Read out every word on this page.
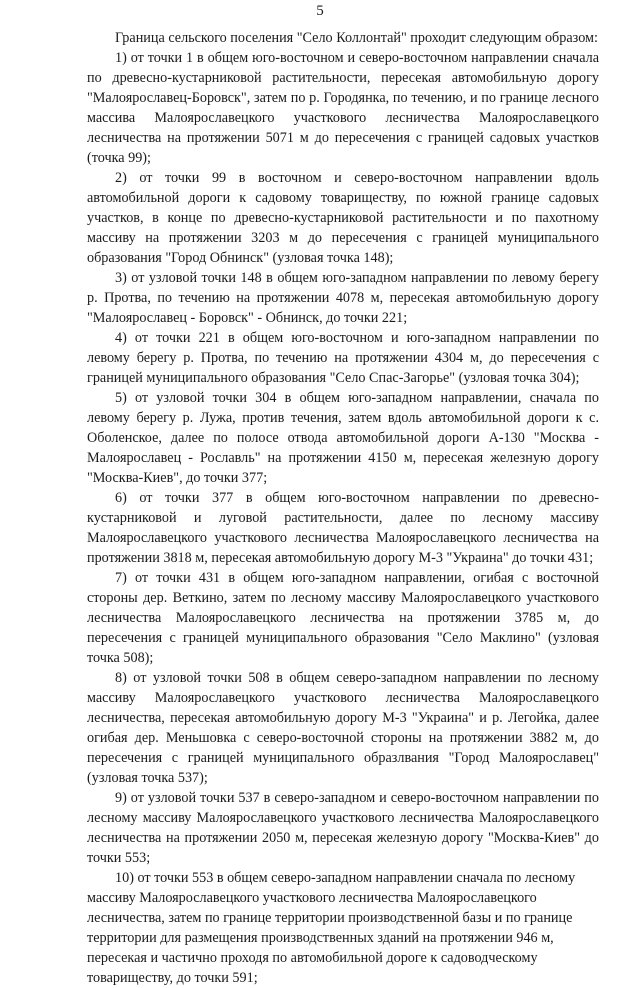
5

Граница сельского поселения "Село Коллонтай" проходит следующим образом:

1) от точки 1 в общем юго-восточном и северо-восточном направлении сначала по древесно-кустарниковой растительности, пересекая автомобильную дорогу "Малоярославец-Боровск", затем по р. Городянка, по течению, и по границе лесного массива Малоярославецкого участкового лесничества Малоярославецкого лесничества на протяжении 5071 м до пересечения с границей садовых участков (точка 99);

2) от точки 99 в восточном и северо-восточном направлении вдоль автомобильной дороги к садовому товариществу, по южной границе садовых участков, в конце по древесно-кустарниковой растительности и по пахотному массиву на протяжении 3203 м до пересечения с границей муниципального образования "Город Обнинск" (узловая точка 148);

3) от узловой точки 148 в общем юго-западном направлении по левому берегу р. Протва, по течению на протяжении 4078 м, пересекая автомобильную дорогу "Малоярославец - Боровск" - Обнинск, до точки 221;

4) от точки 221 в общем юго-восточном и юго-западном направлении по левому берегу р. Протва, по течению на протяжении 4304 м, до пересечения с границей муниципального образования "Село Спас-Загорье" (узловая точка 304);

5) от узловой точки 304 в общем юго-западном направлении, сначала по левому берегу р. Лужа, против течения, затем вдоль автомобильной дороги к с. Оболенское, далее по полосе отвода автомобильной дороги А-130 "Москва - Малоярославец - Рославль" на протяжении 4150 м, пересекая железную дорогу "Москва-Киев", до точки 377;

6) от точки 377 в общем юго-восточном направлении по древесно-кустарниковой и луговой растительности, далее по лесному массиву Малоярославецкого участкового лесничества Малоярославецкого лесничества на протяжении 3818 м, пересекая автомобильную дорогу М-3 "Украина" до точки 431;

7) от точки 431 в общем юго-западном направлении, огибая с восточной стороны дер. Веткино, затем по лесному массиву Малоярославецкого участкового лесничества Малоярославецкого лесничества на протяжении 3785 м, до пересечения с границей муниципального образования "Село Маклино" (узловая точка 508);

8) от узловой точки 508 в общем северо-западном направлении по лесному массиву Малоярославецкого участкового лесничества Малоярославецкого лесничества, пересекая автомобильную дорогу М-3 "Украина" и р. Легойка, далее огибая дер. Меньшовка с северо-восточной стороны на протяжении 3882 м, до пересечения с границей муниципального образлвания "Город Малоярославец" (узловая точка 537);

9) от узловой точки 537 в северо-западном и северо-восточном направлении по лесному массиву Малоярославецкого участкового лесничества Малоярославецкого лесничества на протяжении 2050 м, пересекая железную дорогу "Москва-Киев" до точки 553;

10) от точки 553 в общем северо-западном направлении сначала по лесному массиву Малоярославецкого участкового лесничества Малоярославецкого лесничества, затем по границе территории производственной базы и по границе территории для размещения производственных зданий на протяжении 946 м, пересекая и частично проходя по автомобильной дороге к садоводческому товариществу, до точки 591;
